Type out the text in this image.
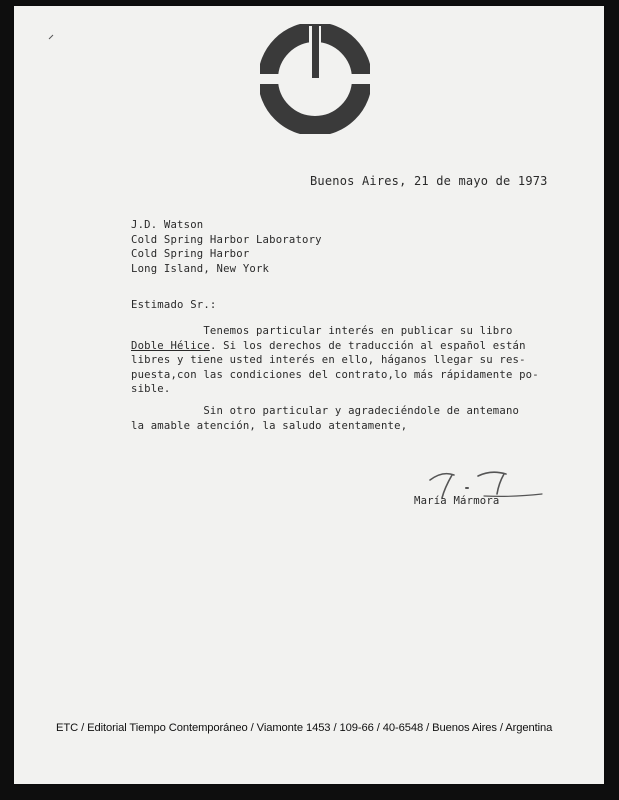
Buenos Aires, 21 de mayo de 1973
J.D. Watson
Cold Spring Harbor Laboratory
Cold Spring Harbor
Long Island, New York
Estimado Sr.:
Tenemos particular interés en publicar su libro
Doble Hélice. Si los derechos de traducción al español están
libres y tiene usted interés en ello, háganos llegar su res-
puesta,con las condiciones del contrato,lo más rápidamente po-
sible.
Sin otro particular y agradeciéndole de antemano
la amable atención, la saludo atentamente,
María Mármora
ETC / Editorial Tiempo Contemporáneo / Viamonte 1453 / 109-66 / 40-6548 / Buenos Aires / Argentina
